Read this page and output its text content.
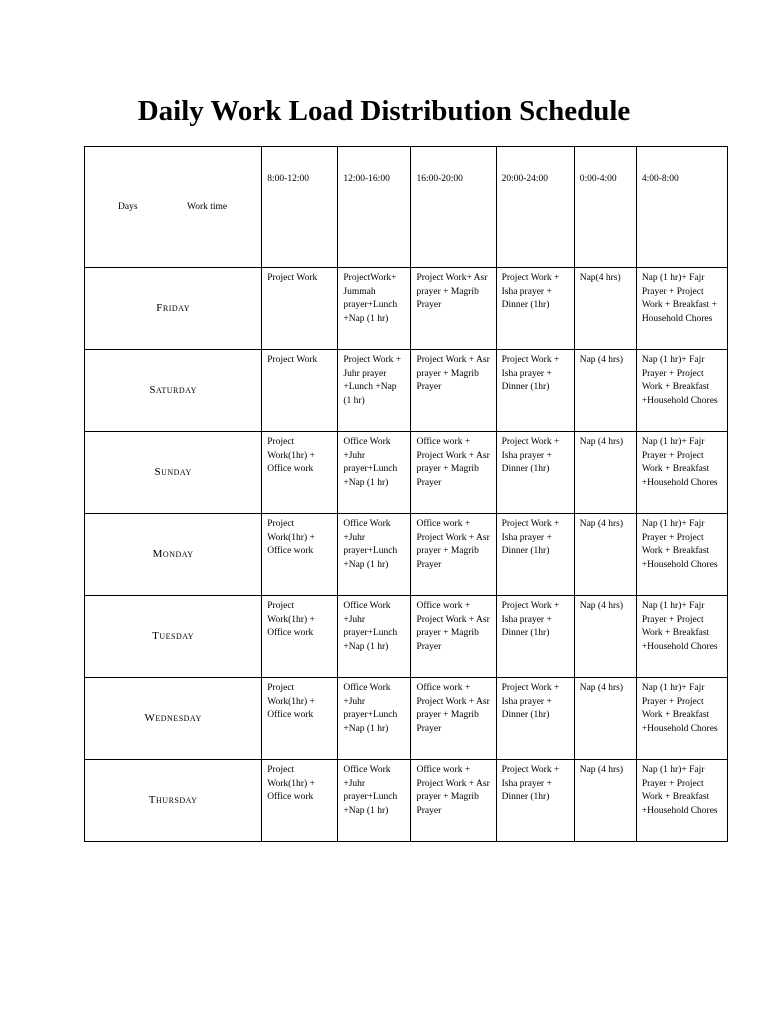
Daily Work Load Distribution Schedule
Days Work time	8:00-12:00	12:00-16:00	16:00-20:00	20:00-24:00	0:00-4:00	4:00-8:00
Friday	Project Work	ProjectWork+ Jummah prayer+Lunch +Nap (1 hr)	Project Work+ Asr prayer + Magrib Prayer	Project Work + Isha prayer + Dinner (1hr)	Nap(4 hrs)	Nap (1 hr)+ Fajr Prayer + Project Work + Breakfast + Household Chores
Saturday	Project Work	Project Work + Juhr prayer +Lunch +Nap (1 hr)	Project Work + Asr prayer + Magrib Prayer	Project Work + Isha prayer + Dinner (1hr)	Nap (4 hrs)	Nap (1 hr)+ Fajr Prayer + Project Work + Breakfast +Household Chores
Sunday	Project Work(1hr) + Office work	Office Work +Juhr prayer+Lunch +Nap (1 hr)	Office work + Project Work + Asr prayer + Magrib Prayer	Project Work + Isha prayer + Dinner (1hr)	Nap (4 hrs)	Nap (1 hr)+ Fajr Prayer + Project Work + Breakfast +Household Chores
Monday	Project Work(1hr) + Office work	Office Work +Juhr prayer+Lunch +Nap (1 hr)	Office work + Project Work + Asr prayer + Magrib Prayer	Project Work + Isha prayer + Dinner (1hr)	Nap (4 hrs)	Nap (1 hr)+ Fajr Prayer + Project Work + Breakfast +Household Chores
Tuesday	Project Work(1hr) + Office work	Office Work +Juhr prayer+Lunch +Nap (1 hr)	Office work + Project Work + Asr prayer + Magrib Prayer	Project Work + Isha prayer + Dinner (1hr)	Nap (4 hrs)	Nap (1 hr)+ Fajr Prayer + Project Work + Breakfast +Household Chores
Wednesday	Project Work(1hr) + Office work	Office Work +Juhr prayer+Lunch +Nap (1 hr)	Office work + Project Work + Asr prayer + Magrib Prayer	Project Work + Isha prayer + Dinner (1hr)	Nap (4 hrs)	Nap (1 hr)+ Fajr Prayer + Project Work + Breakfast +Household Chores
Thursday	Project Work(1hr) + Office work	Office Work +Juhr prayer+Lunch +Nap (1 hr)	Office work + Project Work + Asr prayer + Magrib Prayer	Project Work + Isha prayer + Dinner (1hr)	Nap (4 hrs)	Nap (1 hr)+ Fajr Prayer + Project Work + Breakfast +Household Chores
